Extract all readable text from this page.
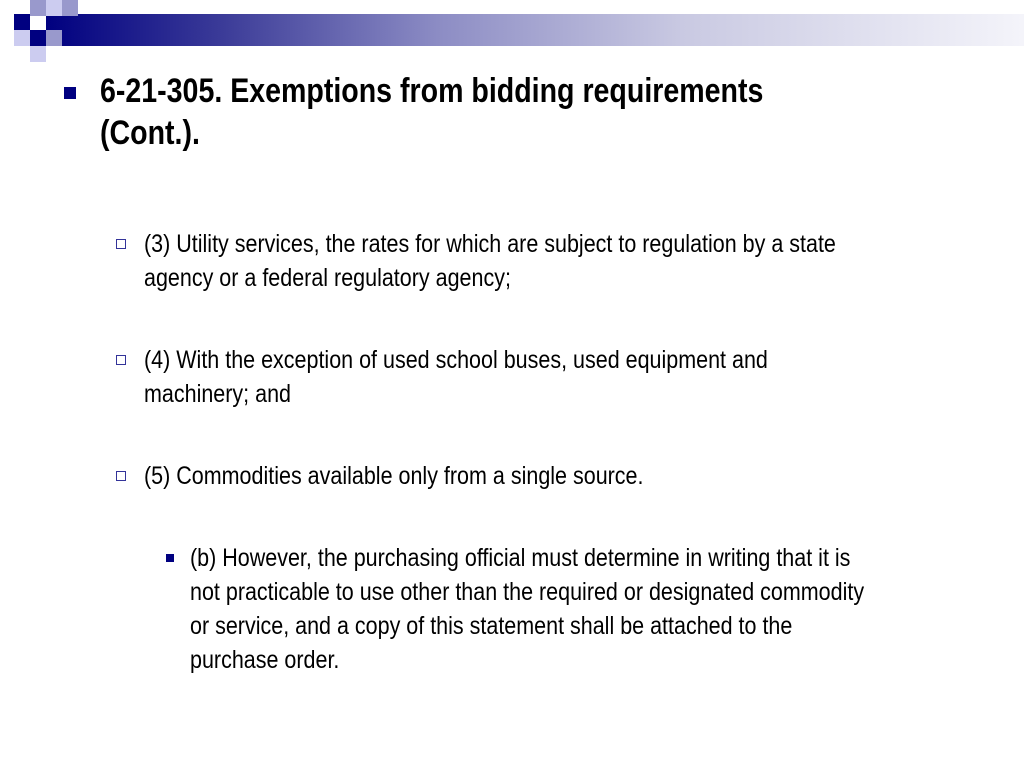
6-21-305. Exemptions from bidding requirements (Cont.).
(3) Utility services, the rates for which are subject to regulation by a state agency or a federal regulatory agency;
(4) With the exception of used school buses, used equipment and machinery; and
(5) Commodities available only from a single source.
(b) However, the purchasing official must determine in writing that it is not practicable to use other than the required or designated commodity or service, and a copy of this statement shall be attached to the purchase order.
